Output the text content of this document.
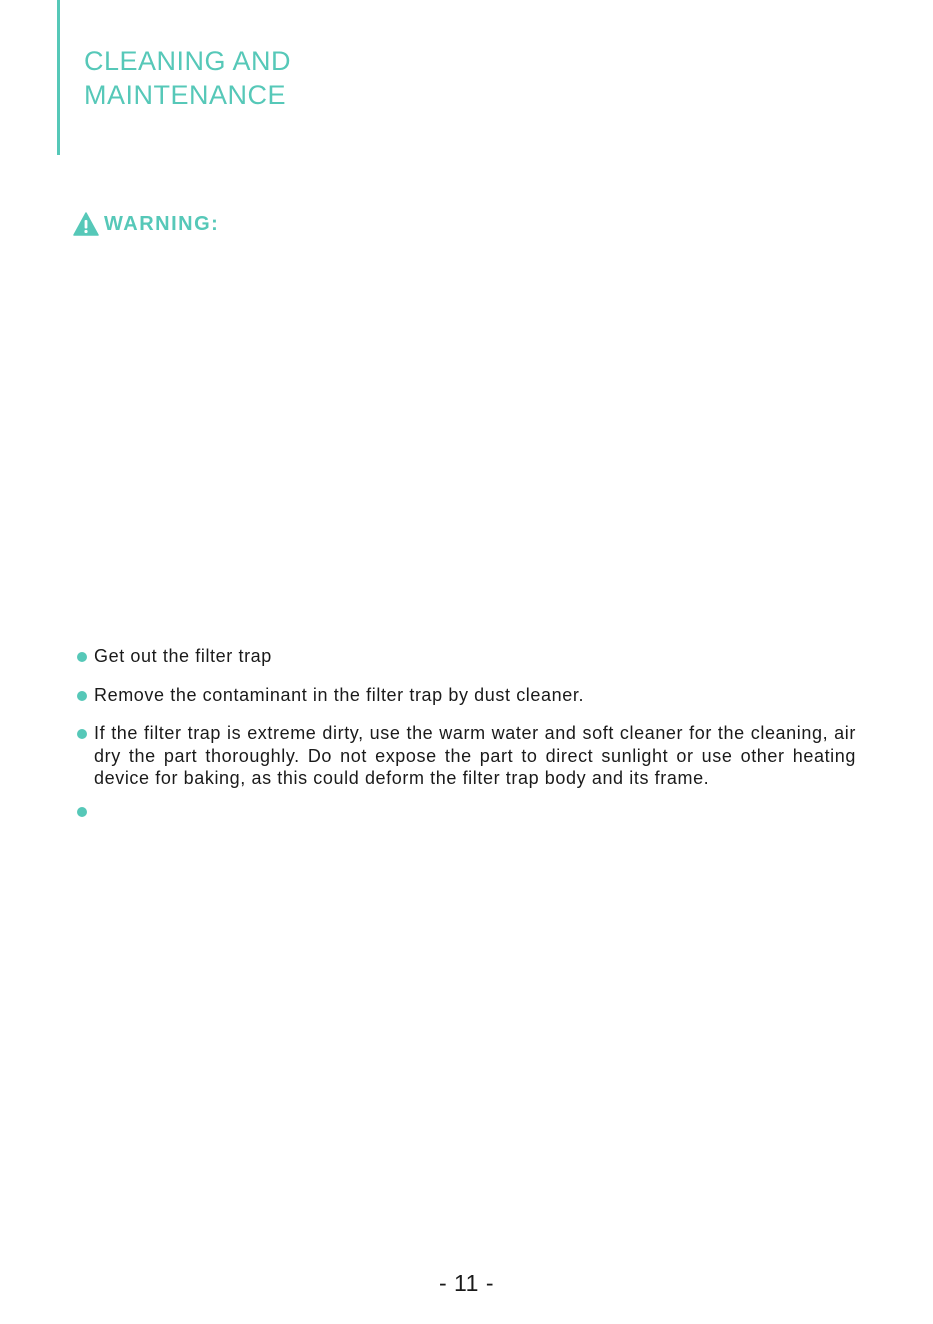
CLEANING AND
MAINTENANCE
WARNING:
Get out the filter trap
Remove the contaminant in the filter trap by dust cleaner.
If the filter trap is extreme dirty, use the warm water and soft cleaner for the cleaning, air dry the part thoroughly. Do not expose the part to direct sunlight or use other heating device for baking, as this could deform the filter trap body and its frame.
- 11 -
